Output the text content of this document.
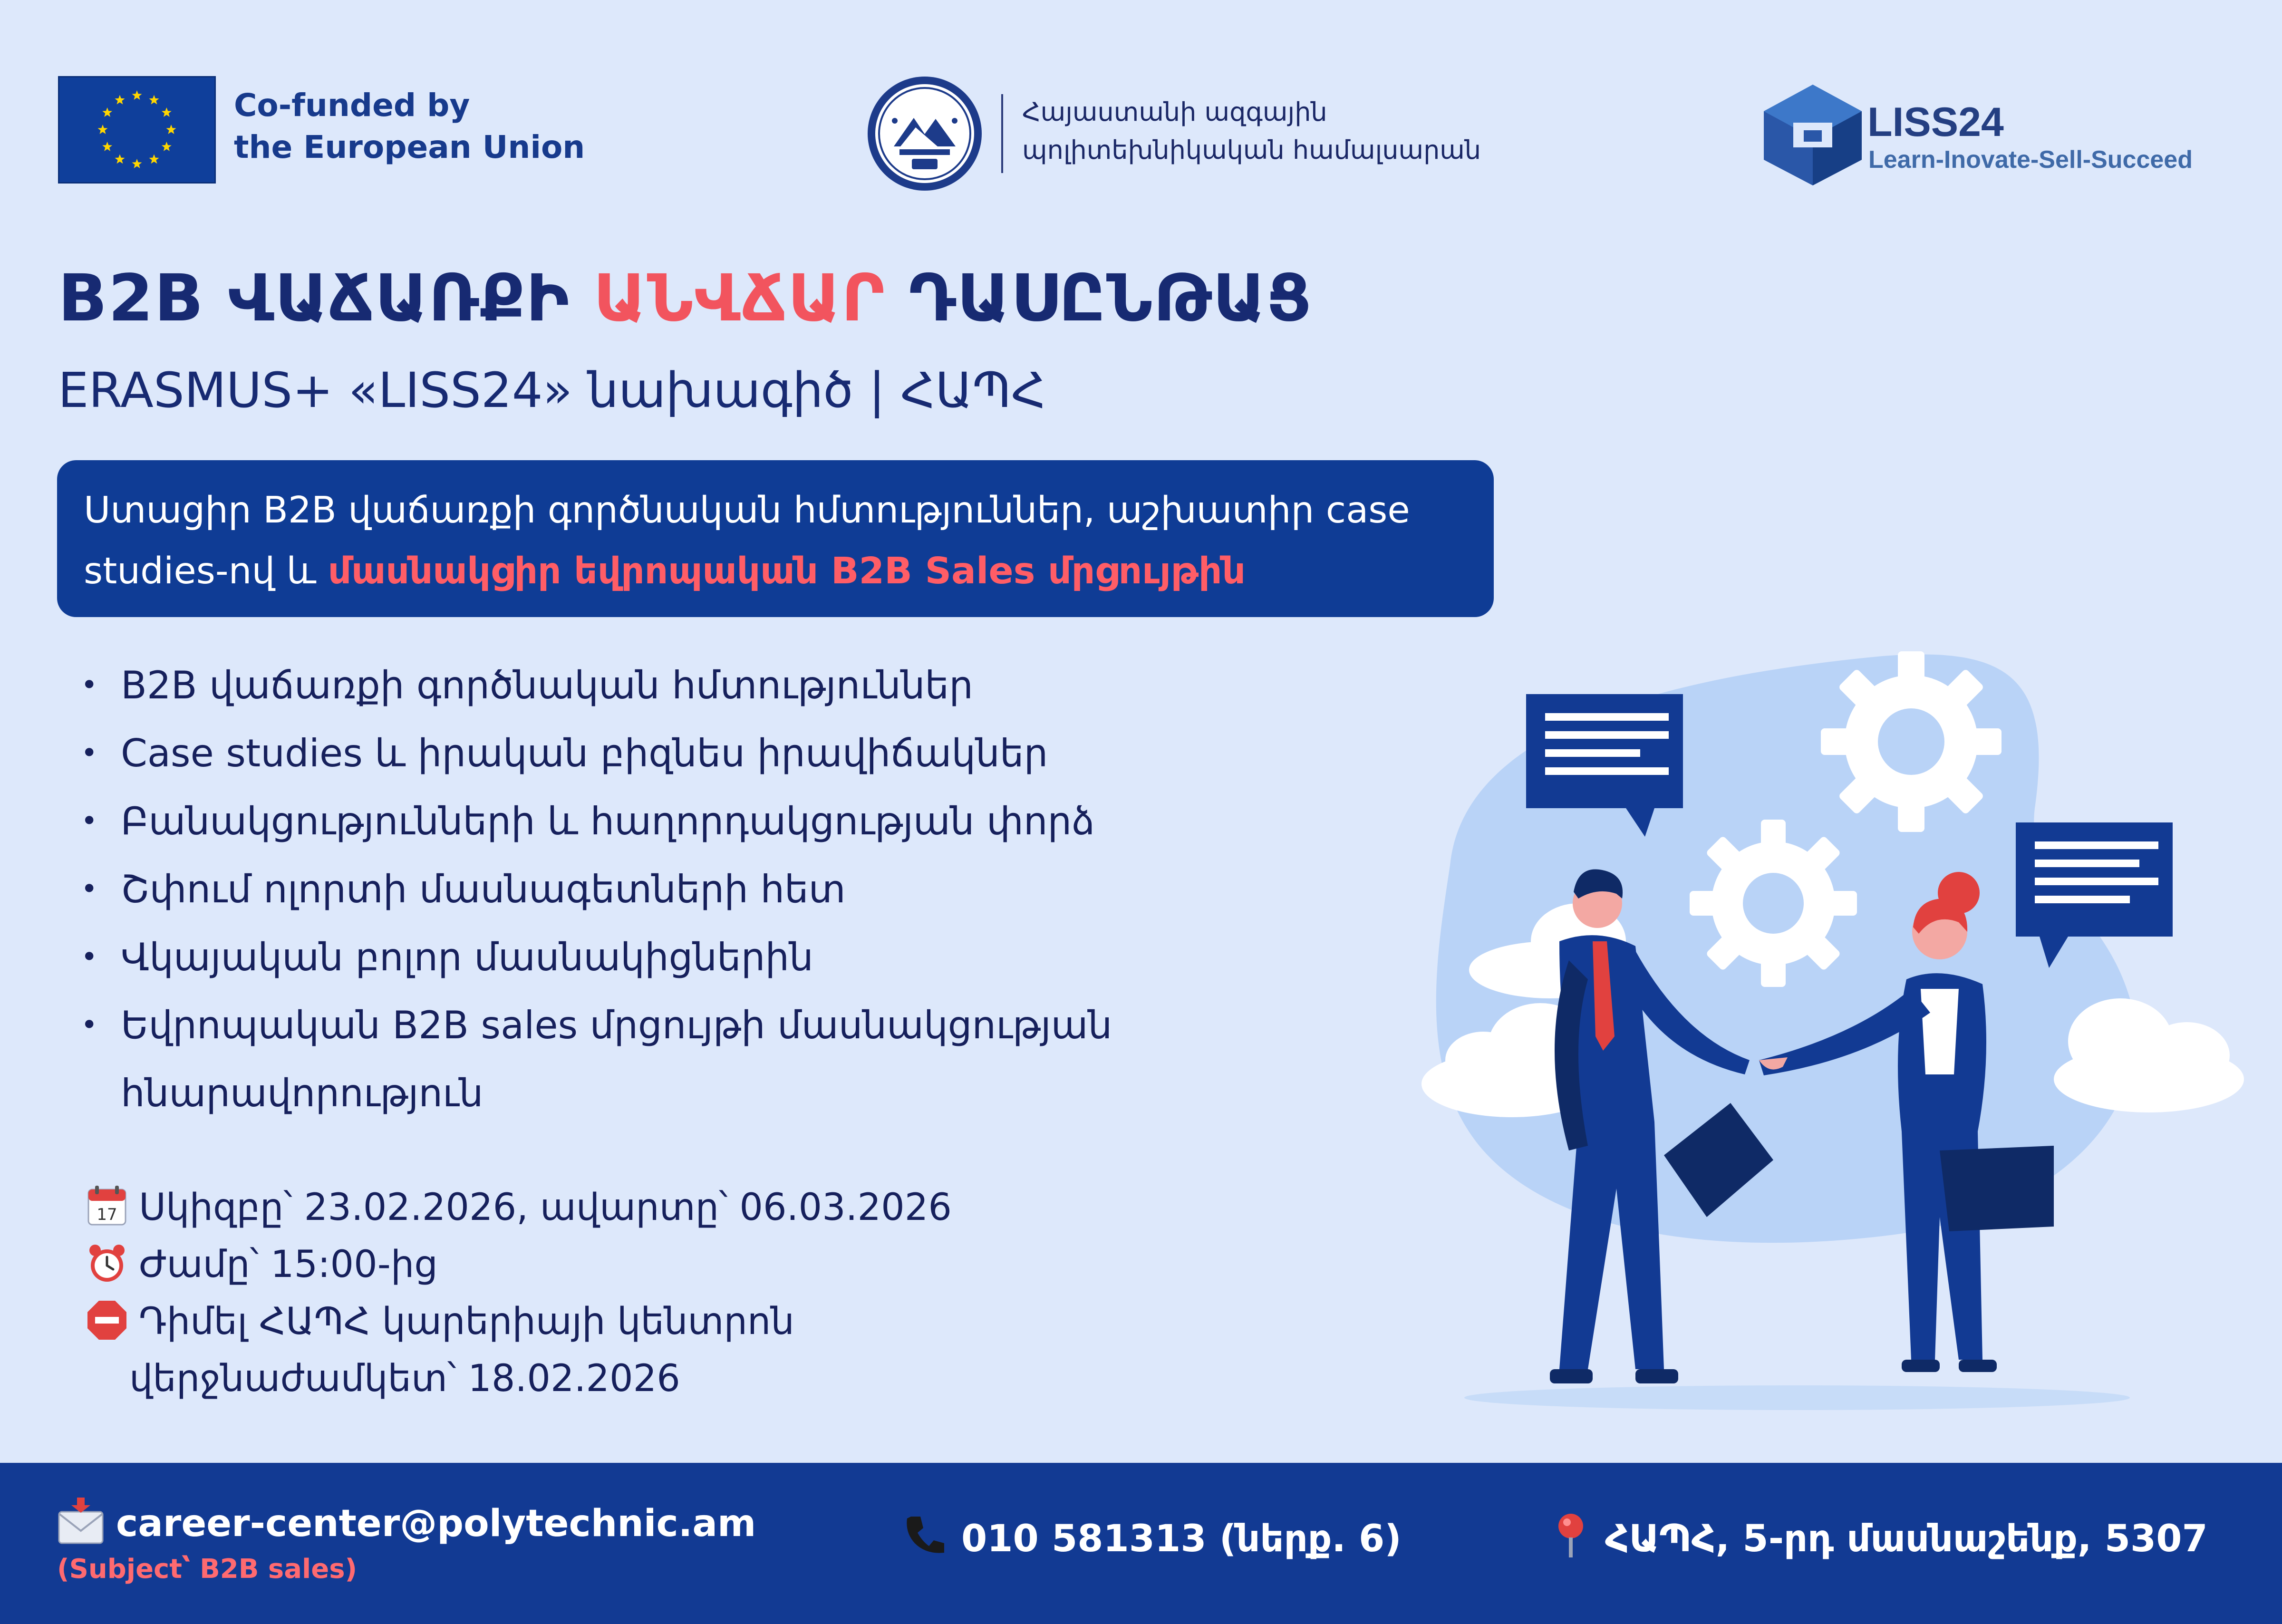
Co-funded by
the European Union
Հայաստանի ազգային
պոլիտեխնիկական համալսարան
LISS24
Learn-Inovate-Sell-Succeed
B2B ՎԱՃԱՌՔԻ ԱՆՎՃԱՐ ԴԱՍԸՆԹԱՑ
ERASMUS+ «LISS24» նախագիծ | ՀԱՊՀ

Ստացիր B2B վաճառքի գործնական հմտություններ, աշխատիր case

studies-ով և մասնակցիր եվրոպական B2B Sales մրցույթին

• B2B վաճառքի գործնական հմտություններ
• Case studies և իրական բիզնես իրավիճակներ
• Բանակցությունների և հաղորդակցության փորձ
• Շփում ոլորտի մասնագետների հետ
• Վկայական բոլոր մասնակիցներին
• Եվրոպական B2B sales մրցույթի մասնակցության հնարավորություն
17 Սկիզբը՝ 23.02.2026, ավարտը՝ 06.03.2026
Ժամը՝ 15:00-ից
Դիմել ՀԱՊՀ կարերիայի կենտրոն
վերջնաժամկետ՝ 18.02.2026
career-center@polytechnic.am
(Subject՝ B2B sales)
010 581313 (ներք. 6)	ՀԱՊՀ, 5-րդ մասնաշենք, 5307
